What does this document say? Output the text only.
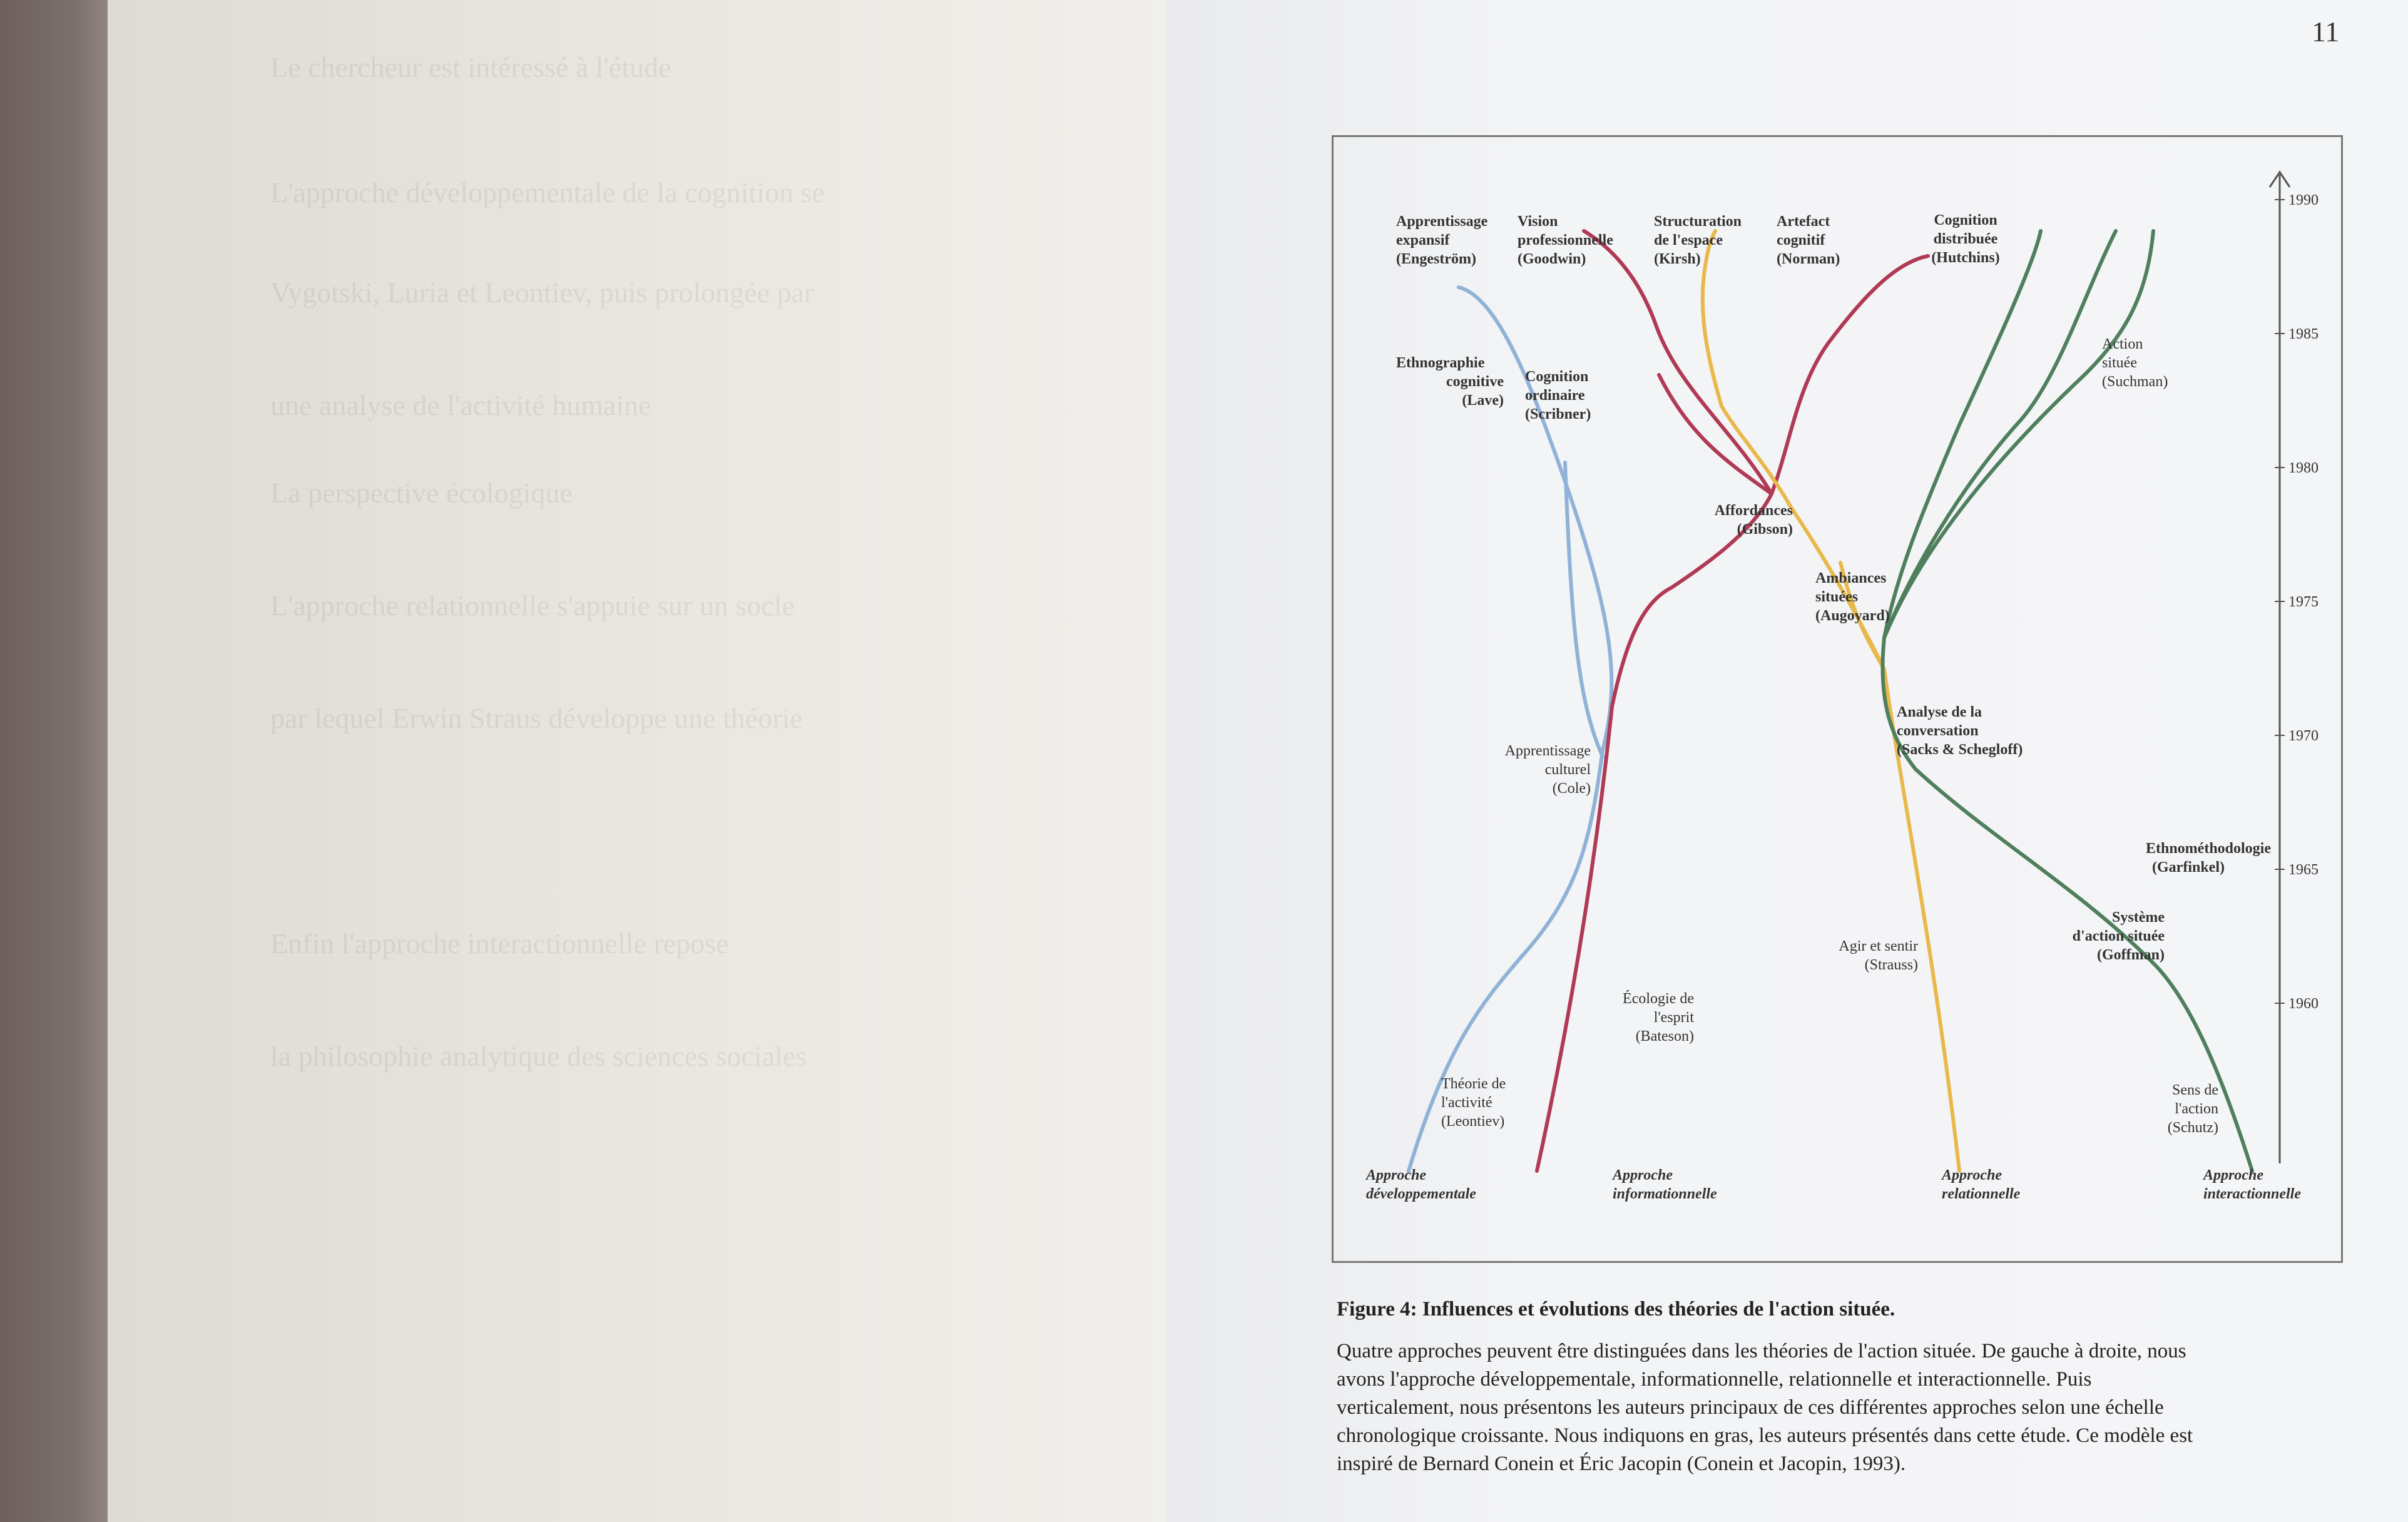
Le chercheur est intéressé à l'étude
L'approche développementale de la cognition se
Vygotski, Luria et Leontiev, puis prolongée par
une analyse de l'activité humaine
La perspective écologique
L'approche relationnelle s'appuie sur un socle
par lequel Erwin Straus développe une théorie
Enfin l'approche interactionnelle repose
la philosophie analytique des sciences sociales
11
1990
1985
1980
1975
1970
1965
1960
Apprentissage
expansif
(Engeström)
Vision
professionnelle
(Goodwin)
Structuration
de l'espace
(Kirsh)
Artefact
cognitif
(Norman)
Cognition
distribuée
(Hutchins)
Action
située
(Suchman)
Ethnographie
cognitive
(Lave)
Cognition
ordinaire
(Scribner)
Affordances
(Gibson)
Ambiances
situées
(Augoyard)
Analyse de la
conversation
(Sacks & Schegloff)
Apprentissage
culturel
(Cole)
Ethnométhodologie
(Garfinkel)
Système
d'action située
(Goffman)
Agir et sentir
(Strauss)
Écologie de
l'esprit
(Bateson)
Théorie de
l'activité
(Leontiev)
Sens de
l'action
(Schutz)
Approche
développementale
Approche
informationnelle
Approche
relationnelle
Approche
interactionnelle
Figure 4: Influences et évolutions des théories de l'action située.
Quatre approches peuvent être distinguées dans les théories de l'action située. De gauche à droite, nous
avons l'approche développementale, informationnelle, relationnelle et interactionnelle. Puis
verticalement, nous présentons les auteurs principaux de ces différentes approches selon une échelle
chronologique croissante. Nous indiquons en gras, les auteurs présentés dans cette étude. Ce modèle est
inspiré de Bernard Conein et Éric Jacopin (Conein et Jacopin, 1993).
